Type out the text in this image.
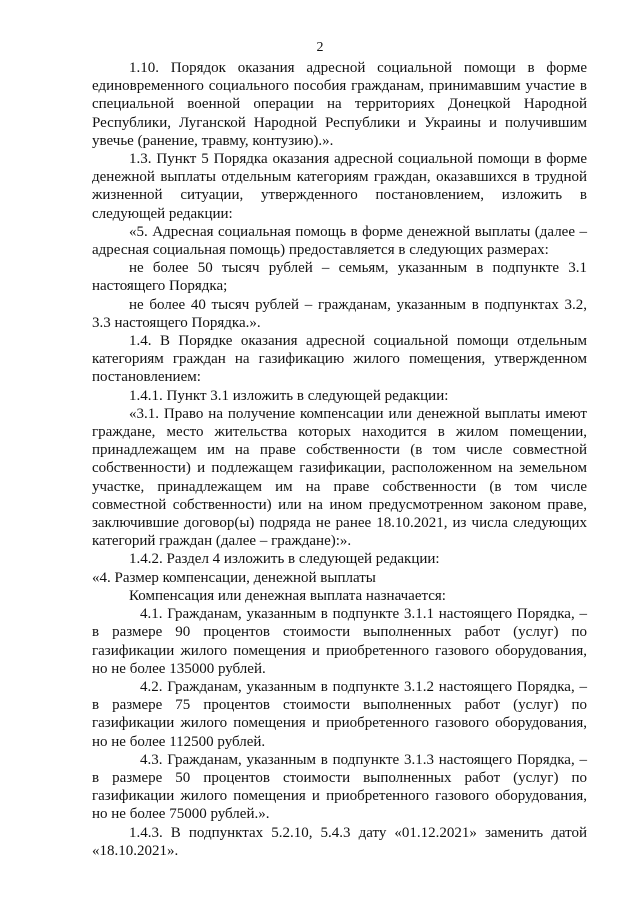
2

1.10. Порядок оказания адресной социальной помощи в форме единовременного социального пособия гражданам, принимавшим участие в специальной военной операции на территориях Донецкой Народной Республики, Луганской Народной Республики и Украины и получившим увечье (ранение, травму, контузию).».

1.3. Пункт 5 Порядка оказания адресной социальной помощи в форме денежной выплаты отдельным категориям граждан, оказавшихся в трудной жизненной ситуации, утвержденного постановлением, изложить в следующей редакции:

«5. Адресная социальная помощь в форме денежной выплаты (далее – адресная социальная помощь) предоставляется в следующих размерах:

не более 50 тысяч рублей – семьям, указанным в подпункте 3.1 настоящего Порядка;

не более 40 тысяч рублей – гражданам, указанным в подпунктах 3.2, 3.3 настоящего Порядка.».

1.4. В Порядке оказания адресной социальной помощи отдельным категориям граждан на газификацию жилого помещения, утвержденном постановлением:

1.4.1. Пункт 3.1 изложить в следующей редакции:

«3.1. Право на получение компенсации или денежной выплаты имеют граждане, место жительства которых находится в жилом помещении, принадлежащем им на праве собственности (в том числе совместной собственности) и подлежащем газификации, расположенном на земельном участке, принадлежащем им на праве собственности (в том числе совместной собственности) или на ином предусмотренном законом праве, заключившие договор(ы) подряда не ранее 18.10.2021, из числа следующих категорий граждан (далее – граждане):».

1.4.2. Раздел 4 изложить в следующей редакции:

«4. Размер компенсации, денежной выплаты

Компенсация или денежная выплата назначается:

4.1. Гражданам, указанным в подпункте 3.1.1 настоящего Порядка, – в размере 90 процентов стоимости выполненных работ (услуг) по газификации жилого помещения и приобретенного газового оборудования, но не более 135000 рублей.

4.2. Гражданам, указанным в подпункте 3.1.2 настоящего Порядка, – в размере 75 процентов стоимости выполненных работ (услуг) по газификации жилого помещения и приобретенного газового оборудования, но не более 112500 рублей.

4.3. Гражданам, указанным в подпункте 3.1.3 настоящего Порядка, – в размере 50 процентов стоимости выполненных работ (услуг) по газификации жилого помещения и приобретенного газового оборудования, но не более 75000 рублей.».

1.4.3. В подпунктах 5.2.10, 5.4.3 дату «01.12.2021» заменить датой «18.10.2021».
